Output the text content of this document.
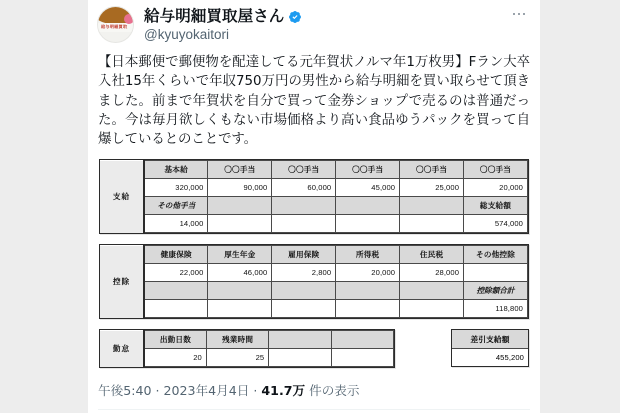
給与明細買取
給与明細買取屋さん
@kyuyokaitori
【日本郵便で郵便物を配達してる元年賀状ノルマ年1万枚男】Fラン大卒入社15年くらいで年収750万円の男性から給与明細を買い取らせて頂きました。前まで年賀状を自分で買って金券ショップで売るのは普通だった。今は毎月欲しくもない市場価格より高い食品ゆうパックを買って自爆しているとのことです。
支給	基本給	〇〇手当	〇〇手当	〇〇手当	〇〇手当	〇〇手当
	320,000	90,000	60,000	45,000	25,000	20,000
	その他手当					総支給額
	14,000					574,000
控除	健康保険	厚生年金	雇用保険	所得税	住民税	その他控除
	22,000	46,000	2,800	20,000	28,000	
						控除額合計
						118,800
勤怠	出勤日数	残業時間		
	20	25		
差引支給額
455,200
午後5:40 · 2023年4月4日 · 41.7万 件の表示
